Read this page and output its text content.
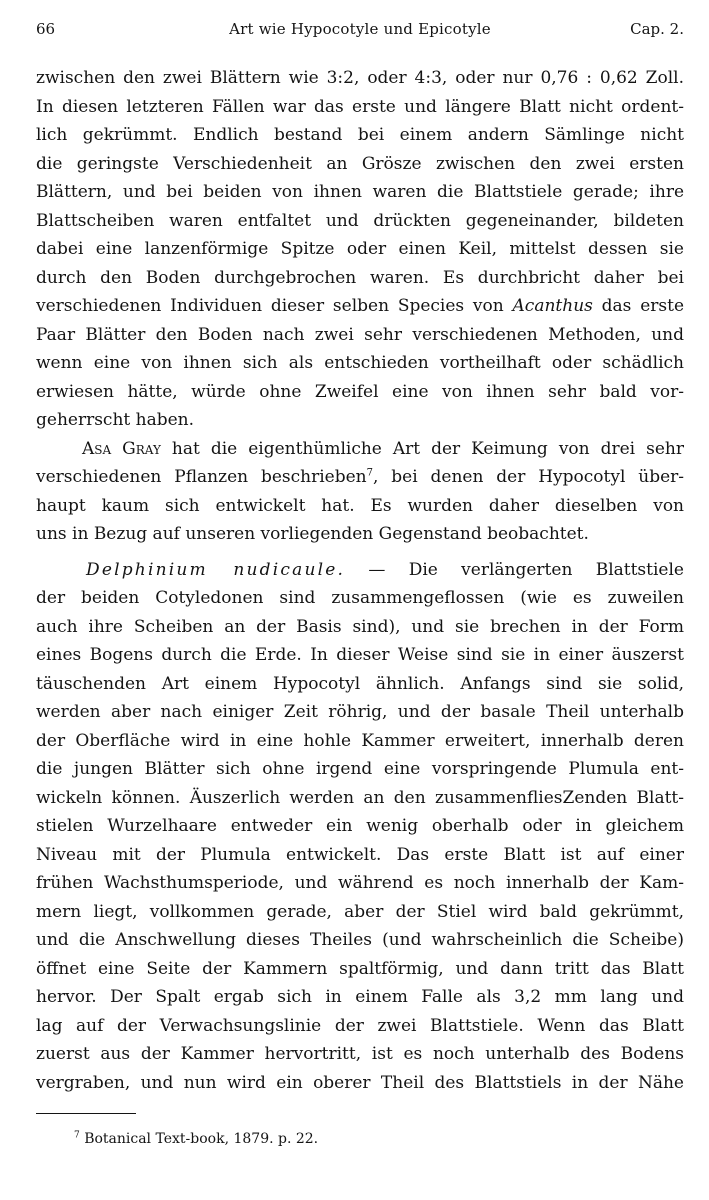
66	Art wie Hypocotyle und Epicotyle	Cap. 2.
zwischen den zwei Blättern wie 3:2, oder 4:3, oder nur 0,76 : 0,62 Zoll.
In diesen letzteren Fällen war das erste und längere Blatt nicht ordent-
lich gekrümmt. Endlich bestand bei einem andern Sämlinge nicht
die geringste Verschiedenheit an Grösze zwischen den zwei ersten
Blättern, und bei beiden von ihnen waren die Blattstiele gerade; ihre
Blattscheiben waren entfaltet und drückten gegeneinander, bildeten
dabei eine lanzenförmige Spitze oder einen Keil, mittelst dessen sie
durch den Boden durchgebrochen waren. Es durchbricht daher bei
verschiedenen Individuen dieser selben Species von Acanthus das erste
Paar Blätter den Boden nach zwei sehr verschiedenen Methoden, und
wenn eine von ihnen sich als entschieden vortheilhaft oder schädlich
erwiesen hätte, würde ohne Zweifel eine von ihnen sehr bald vor-
geherrscht haben.
Asa Gray hat die eigenthümliche Art der Keimung von drei sehr
verschiedenen Pflanzen beschrieben$^7$, bei denen der Hypocotyl über-
haupt kaum sich entwickelt hat. Es wurden daher dieselben von
uns in Bezug auf unseren vorliegenden Gegenstand beobachtet.
Delphinium nudicaule. — Die verlängerten Blattstiele
der beiden Cotyledonen sind zusammengeflossen (wie es zuweilen
auch ihre Scheiben an der Basis sind), und sie brechen in der Form
eines Bogens durch die Erde. In dieser Weise sind sie in einer äuszerst
täuschenden Art einem Hypocotyl ähnlich. Anfangs sind sie solid,
werden aber nach einiger Zeit röhrig, und der basale Theil unterhalb
der Oberfläche wird in eine hohle Kammer erweitert, innerhalb deren
die jungen Blätter sich ohne irgend eine vorspringende Plumula ent-
wickeln können. Äuszerlich werden an den zusammenfliesZenden Blatt-
stielen Wurzelhaare entweder ein wenig oberhalb oder in gleichem
Niveau mit der Plumula entwickelt. Das erste Blatt ist auf einer
frühen Wachsthumsperiode, und während es noch innerhalb der Kam-
mern liegt, vollkommen gerade, aber der Stiel wird bald gekrümmt,
und die Anschwellung dieses Theiles (und wahrscheinlich die Scheibe)
öffnet eine Seite der Kammern spaltförmig, und dann tritt das Blatt
hervor. Der Spalt ergab sich in einem Falle als 3,2 mm lang und
lag auf der Verwachsungslinie der zwei Blattstiele. Wenn das Blatt
zuerst aus der Kammer hervortritt, ist es noch unterhalb des Bodens
vergraben, und nun wird ein oberer Theil des Blattstiels in der Nähe
$^7$ Botanical Text-book, 1879. p. 22.
